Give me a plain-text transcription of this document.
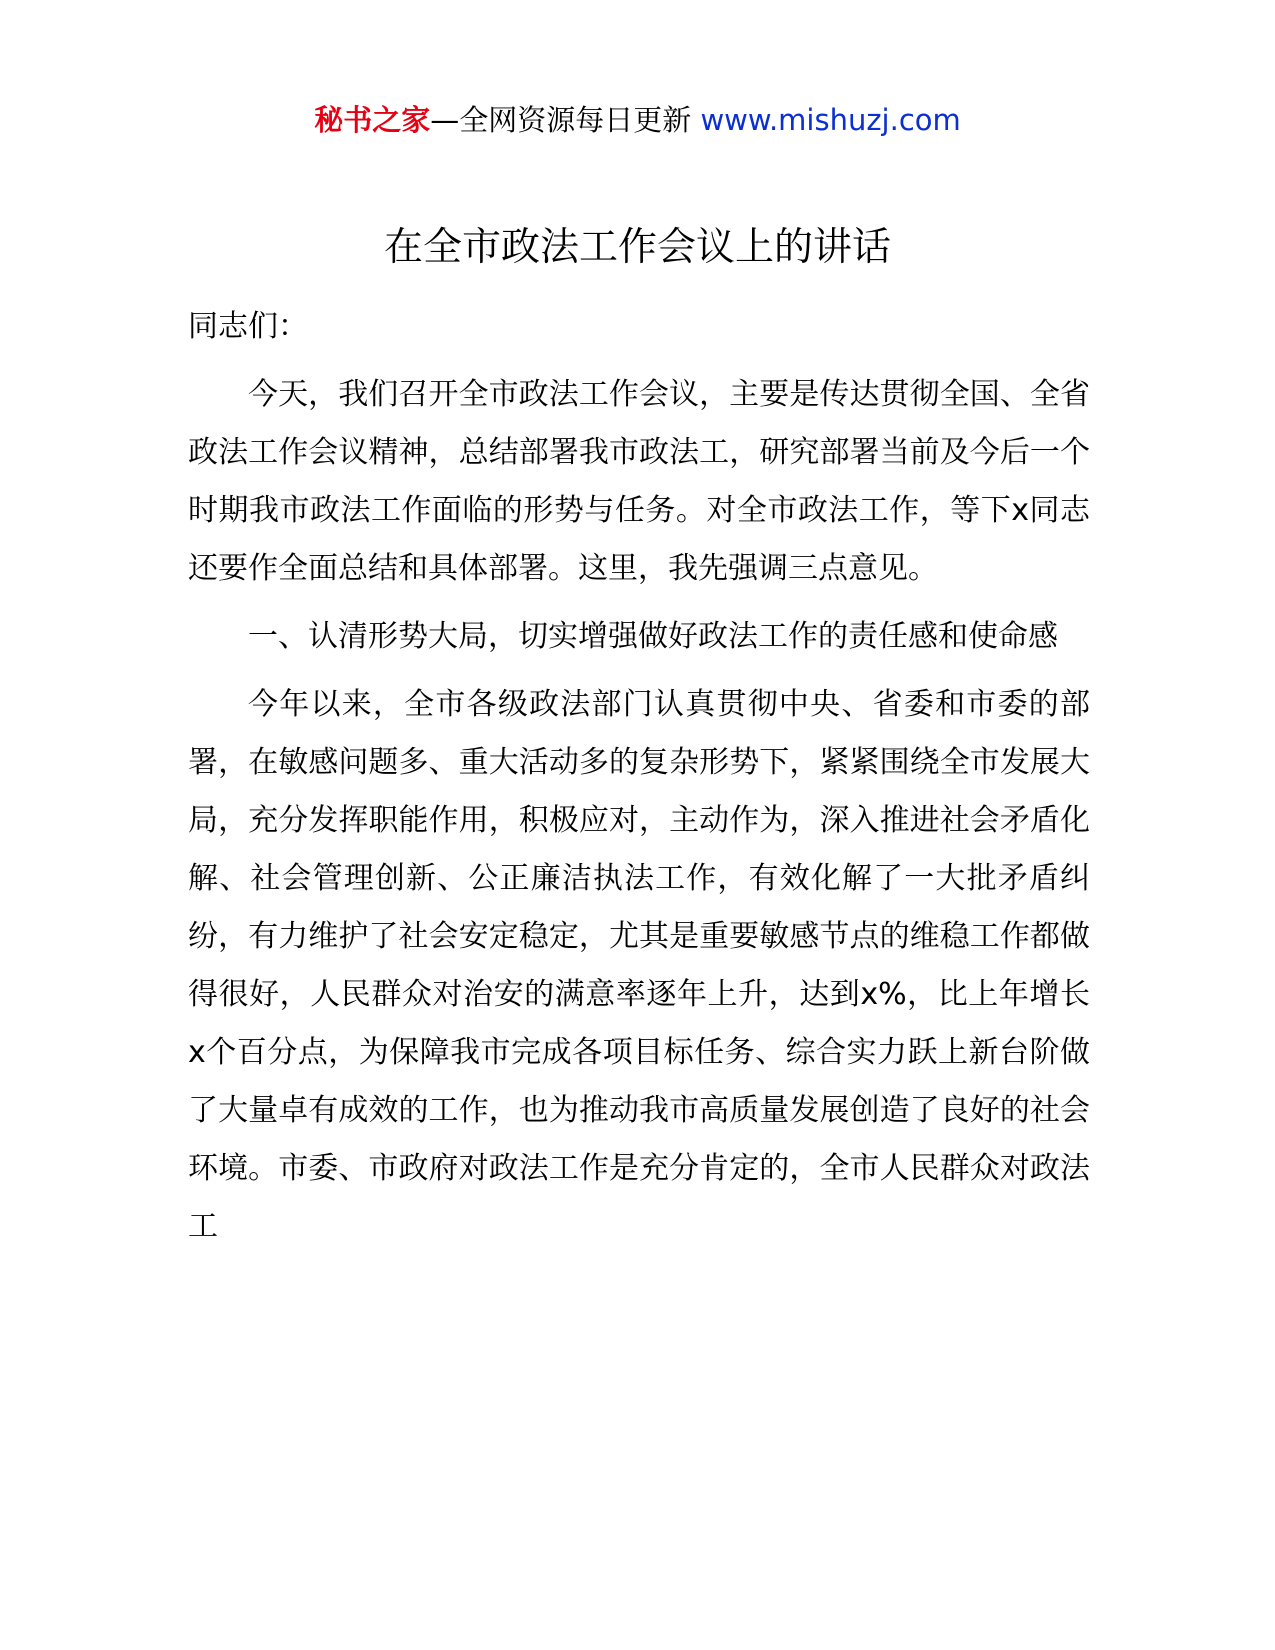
秘书之家—全网资源每日更新 www.mishuzj.com
在全市政法工作会议上的讲话

同志们：

今天，我们召开全市政法工作会议，主要是传达贯彻全国、全省政法工作会议精神，总结部署我市政法工，研究部署当前及今后一个时期我市政法工作面临的形势与任务。对全市政法工作，等下x同志还要作全面总结和具体部署。这里，我先强调三点意见。

一、认清形势大局，切实增强做好政法工作的责任感和使命感

今年以来，全市各级政法部门认真贯彻中央、省委和市委的部署，在敏感问题多、重大活动多的复杂形势下，紧紧围绕全市发展大局，充分发挥职能作用，积极应对，主动作为，深入推进社会矛盾化解、社会管理创新、公正廉洁执法工作，有效化解了一大批矛盾纠纷，有力维护了社会安定稳定，尤其是重要敏感节点的维稳工作都做得很好，人民群众对治安的满意率逐年上升，达到x%，比上年增长x个百分点，为保障我市完成各项目标任务、综合实力跃上新台阶做了大量卓有成效的工作，也为推动我市高质量发展创造了良好的社会环境。市委、市政府对政法工作是充分肯定的，全市人民群众对政法工
